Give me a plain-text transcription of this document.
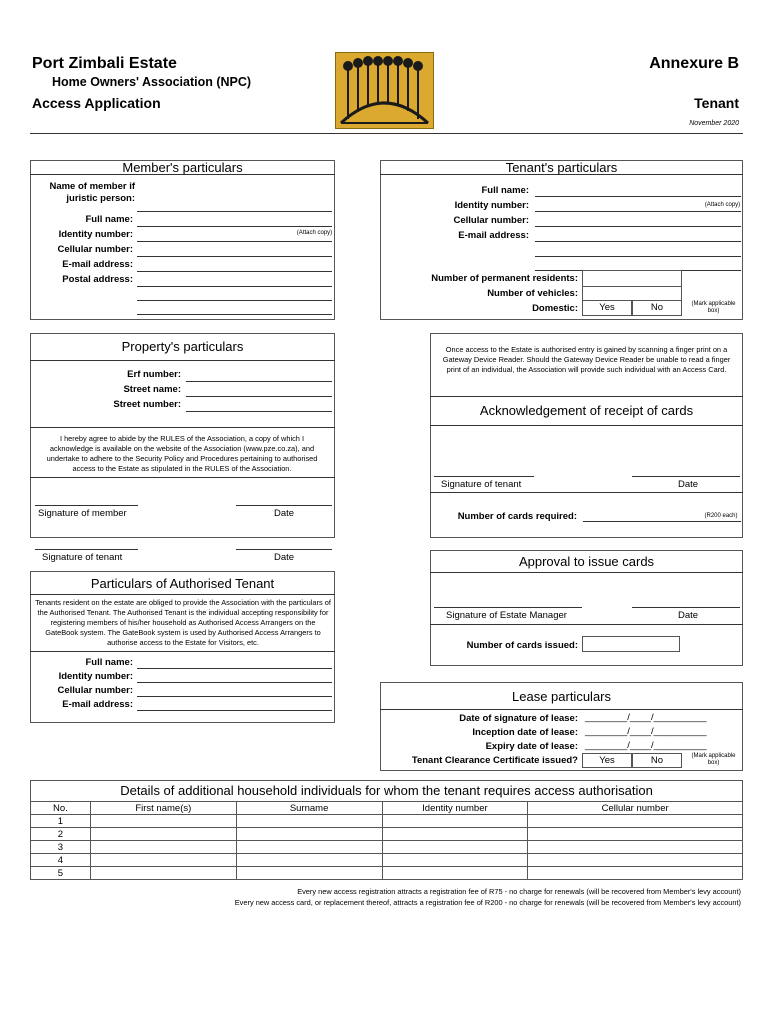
Port Zimbali Estate
Home Owners' Association (NPC)
Access Application
Annexure B
Tenant
November 2020
Member's particulars
Name of member if juristic person:
Full name:
Identity number:	(Attach copy)
Cellular number:
E-mail address:
Postal address:
Tenant's particulars
Full name:
Identity number:	(Attach copy)
Cellular number:
E-mail address:
Number of permanent residents:
Number of vehicles:
Domestic:	Yes	No	(Mark applicable box)
Property's particulars
Erf number:
Street name:
Street number:
I hereby agree to abide by the RULES of the Association, a copy of which I acknowledge is available on the website of the Association (www.pze.co.za), and undertake to adhere to the Security Policy and Procedures pertaining to authorised access to the Estate as stipulated in the RULES of the Association.
Signature of member	Date
Signature of tenant	Date
Once access to the Estate is authorised entry is gained by scanning a finger print on a Gateway Device Reader. Should the Gateway Device Reader be unable to read a finger print of an individual, the Association will provide such individual with an Access Card.
Acknowledgement of receipt of cards
Signature of tenant	Date
Number of cards required:	(R200 each)
Approval to issue cards
Signature of Estate Manager	Date
Number of cards issued:
Particulars of Authorised Tenant
Tenants resident on the estate are obliged to provide the Association with the particulars of the Authorised Tenant. The Authorised Tenant is the individual accepting responsibility for registering members of his/her household as Authorised Access Arrangers on the GateBook system. The GateBook system is used by Authorised Access Arrangers to authorise access to the Estate for Visitors, etc.
Full name:
Identity number:
Cellular number:
E-mail address:
Lease particulars
Date of signature of lease: ________/____/__________
Inception date of lease: ________/____/__________
Expiry date of lease: ________/____/__________
Tenant Clearance Certificate issued?	Yes	No	(Mark applicable box)
Details of additional household individuals for whom the tenant requires access authorisation
No.	First name(s)	Surname	Identity number	Cellular number
1				
2				
3				
4				
5				
Every new access registration attracts a registration fee of R75 - no charge for renewals (will be recovered from Member's levy account)
Every new access card, or replacement thereof, attracts a registration fee of R200 - no charge for renewals (will be recovered from Member's levy account)
